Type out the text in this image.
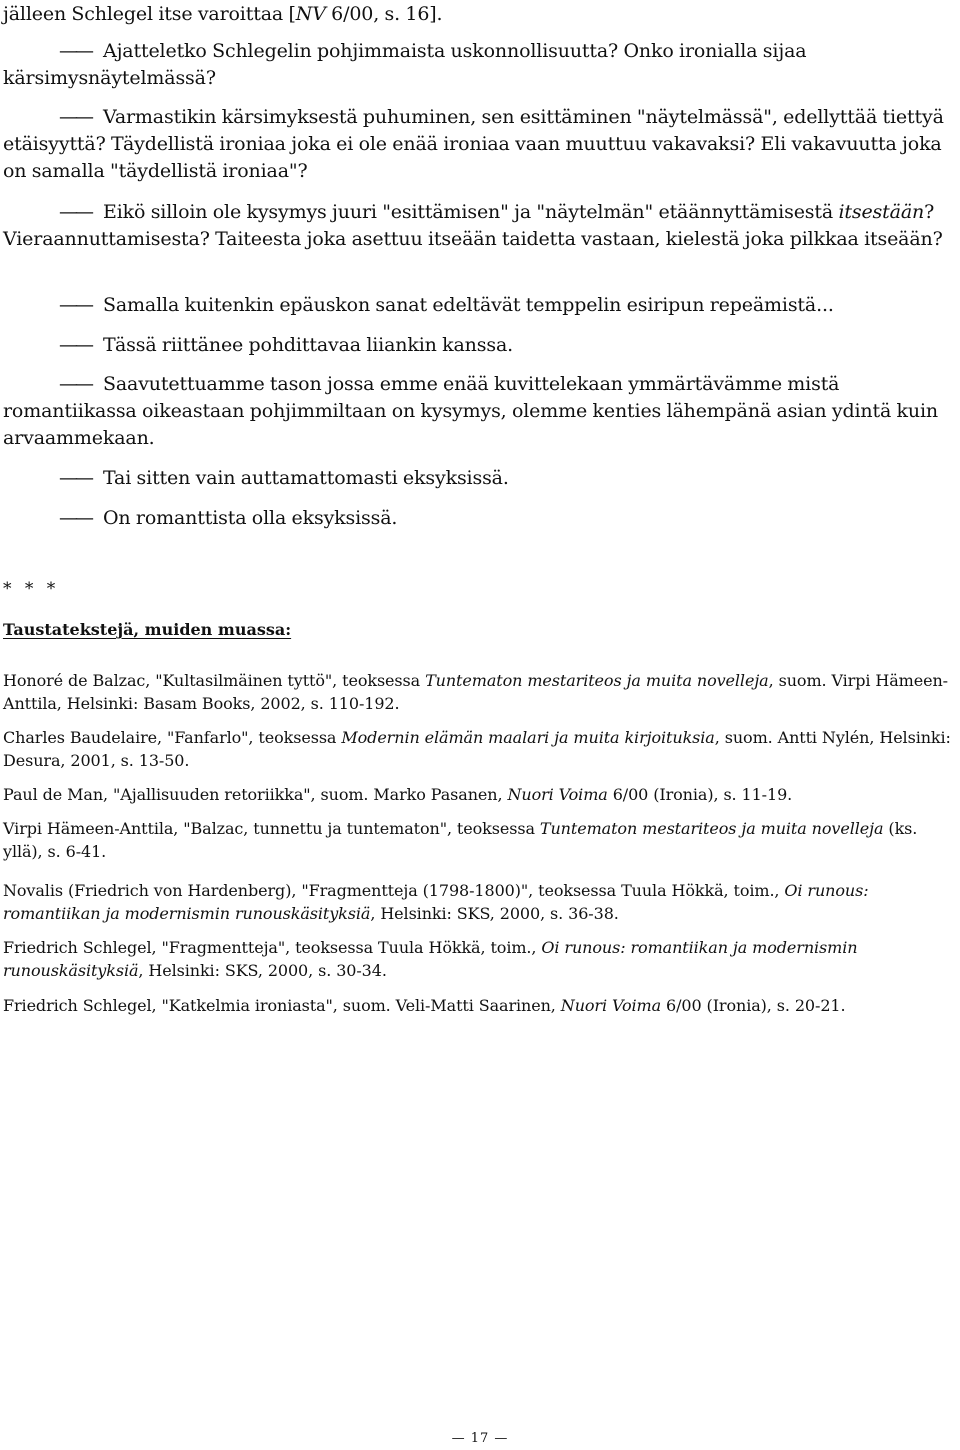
jälleen Schlegel itse varoittaa [NV 6/00, s. 16].

—— Ajatteletko Schlegelin pohjimmaista uskonnollisuutta? Onko ironialla sijaa kärsimysnäytelmässä?

—— Varmastikin kärsimyksestä puhuminen, sen esittäminen "näytelmässä", edellyttää tiettyä etäisyyttä? Täydellistä ironiaa joka ei ole enää ironiaa vaan muuttuu vakavaksi? Eli vakavuutta joka on samalla "täydellistä ironiaa"?

—— Eikö silloin ole kysymys juuri "esittämisen" ja "näytelmän" etäännyttämisestä itsestään? Vieraannuttamisesta? Taiteesta joka asettuu itseään taidetta vastaan, kielestä joka pilkkaa itseään?

—— Samalla kuitenkin epäuskon sanat edeltävät temppelin esiripun repeämistä...

—— Tässä riittänee pohdittavaa liiankin kanssa.

—— Saavutettuamme tason jossa emme enää kuvittelekaan ymmärtävämme mistä romantiikassa oikeastaan pohjimmiltaan on kysymys, olemme kenties lähempänä asian ydintä kuin arvaammekaan.

—— Tai sitten vain auttamattomasti eksyksissä.

—— On romanttista olla eksyksissä.

* * *

Taustatekstejä, muiden muassa:

Honoré de Balzac, "Kultasilmäinen tyttö", teoksessa Tuntematon mestariteos ja muita novelleja, suom. Virpi Hämeen-Anttila, Helsinki: Basam Books, 2002, s. 110-192.

Charles Baudelaire, "Fanfarlo", teoksessa Modernin elämän maalari ja muita kirjoituksia, suom. Antti Nylén, Helsinki: Desura, 2001, s. 13-50.

Paul de Man, "Ajallisuuden retoriikka", suom. Marko Pasanen, Nuori Voima 6/00 (Ironia), s. 11-19.

Virpi Hämeen-Anttila, "Balzac, tunnettu ja tuntematon", teoksessa Tuntematon mestariteos ja muita novelleja (ks. yllä), s. 6-41.

Novalis (Friedrich von Hardenberg), "Fragmentteja (1798-1800)", teoksessa Tuula Hökkä, toim., Oi runous: romantiikan ja modernismin runouskäsityksiä, Helsinki: SKS, 2000, s. 36-38.

Friedrich Schlegel, "Fragmentteja", teoksessa Tuula Hökkä, toim., Oi runous: romantiikan ja modernismin runouskäsityksiä, Helsinki: SKS, 2000, s. 30-34.

Friedrich Schlegel, "Katkelmia ironiasta", suom. Veli-Matti Saarinen, Nuori Voima 6/00 (Ironia), s. 20-21.

— 17 —
